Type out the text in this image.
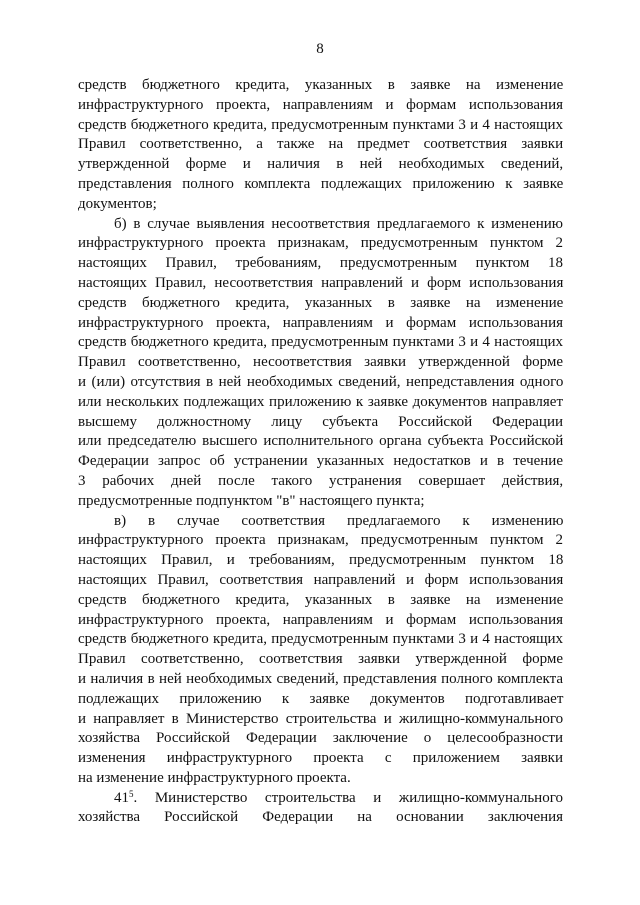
8

средств бюджетного кредита, указанных в заявке на изменение
инфраструктурного проекта, направлениям и формам использования
средств бюджетного кредита, предусмотренным пунктами 3 и 4 настоящих
Правил соответственно, а также на предмет соответствия заявки
утвержденной форме и наличия в ней необходимых сведений,
представления полного комплекта подлежащих приложению к заявке
документов;

б) в случае выявления несоответствия предлагаемого к изменению
инфраструктурного проекта признакам, предусмотренным пунктом 2
настоящих Правил, требованиям, предусмотренным пунктом 18
настоящих Правил, несоответствия направлений и форм использования
средств бюджетного кредита, указанных в заявке на изменение
инфраструктурного проекта, направлениям и формам использования
средств бюджетного кредита, предусмотренным пунктами 3 и 4 настоящих
Правил соответственно, несоответствия заявки утвержденной форме
и (или) отсутствия в ней необходимых сведений, непредставления одного
или нескольких подлежащих приложению к заявке документов направляет
высшему должностному лицу субъекта Российской Федерации
или председателю высшего исполнительного органа субъекта Российской
Федерации запрос об устранении указанных недостатков и в течение
3 рабочих дней после такого устранения совершает действия,
предусмотренные подпунктом "в" настоящего пункта;

в) в случае соответствия предлагаемого к изменению
инфраструктурного проекта признакам, предусмотренным пунктом 2
настоящих Правил, и требованиям, предусмотренным пунктом 18
настоящих Правил, соответствия направлений и форм использования
средств бюджетного кредита, указанных в заявке на изменение
инфраструктурного проекта, направлениям и формам использования
средств бюджетного кредита, предусмотренным пунктами 3 и 4 настоящих
Правил соответственно, соответствия заявки утвержденной форме
и наличия в ней необходимых сведений, представления полного комплекта
подлежащих приложению к заявке документов подготавливает
и направляет в Министерство строительства и жилищно-коммунального
хозяйства Российской Федерации заключение о целесообразности
изменения инфраструктурного проекта с приложением заявки
на изменение инфраструктурного проекта.

$41^5$. Министерство строительства и жилищно-коммунального
хозяйства Российской Федерации на основании заключения
